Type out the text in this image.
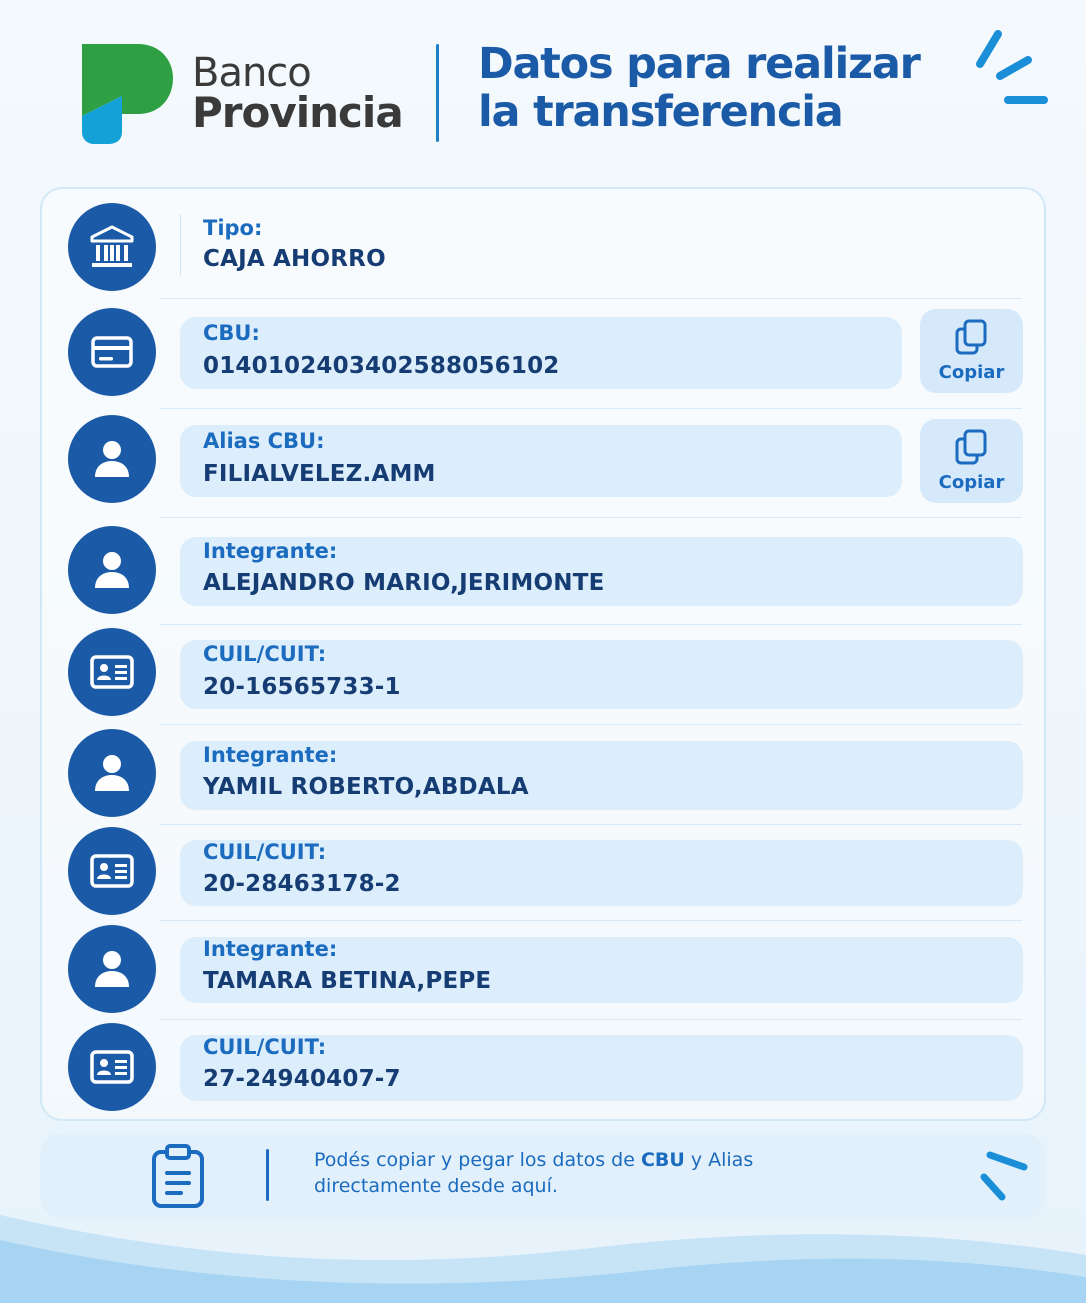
Banco
Provincia
Datos para realizar
la transferencia
Tipo:
CAJA AHORRO
CBU:
0140102403402588056102	Copiar
Alias CBU:
FILIALVELEZ.AMM	Copiar
Integrante:
ALEJANDRO MARIO,JERIMONTE
CUIL/CUIT:
20-16565733-1
Integrante:
YAMIL ROBERTO,ABDALA
CUIL/CUIT:
20-28463178-2
Integrante:
TAMARA BETINA,PEPE
CUIL/CUIT:
27-24940407-7
Podés copiar y pegar los datos de CBU y Alias
directamente desde aquí.
